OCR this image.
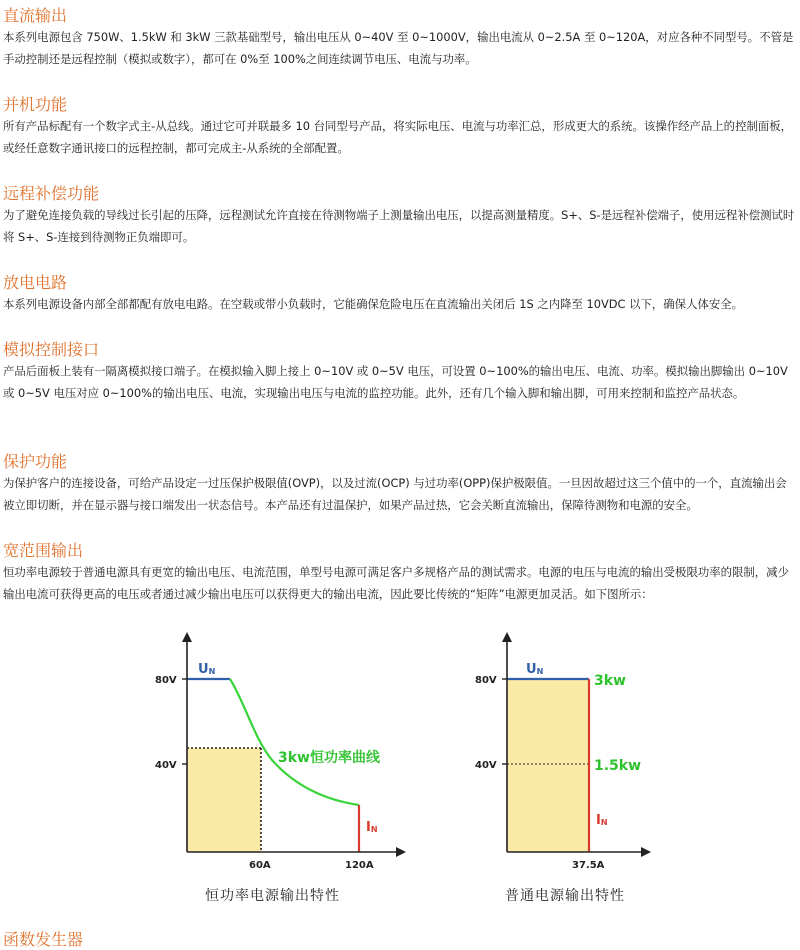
直流输出

本系列电源包含 750W、1.5kW 和 3kW 三款基础型号，输出电压从 0~40V 至 0~1000V，输出电流从 0~2.5A 至 0~120A，对应各种不同型号。不管是手动控制还是远程控制（模拟或数字），都可在 0%至 100%之间连续调节电压、电流与功率。

并机功能

所有产品标配有一个数字式主-从总线。通过它可并联最多 10 台同型号产品，将实际电压、电流与功率汇总，形成更大的系统。该操作经产品上的控制面板，或经任意数字通讯接口的远程控制，都可完成主-从系统的全部配置。

远程补偿功能

为了避免连接负载的导线过长引起的压降，远程测试允许直接在待测物端子上测量输出电压，以提高测量精度。S+、S-是远程补偿端子，使用远程补偿测试时将 S+、S-连接到待测物正负端即可。

放电电路

本系列电源设备内部全部都配有放电电路。在空载或带小负载时，它能确保危险电压在直流输出关闭后 1S 之内降至 10VDC 以下，确保人体安全。

模拟控制接口

产品后面板上装有一隔离模拟接口端子。在模拟输入脚上接上 0~10V 或 0~5V 电压，可设置 0~100%的输出电压、电流、功率。模拟输出脚输出 0~10V 或 0~5V 电压对应 0~100%的输出电压、电流，实现输出电压与电流的监控功能。此外，还有几个输入脚和输出脚，可用来控制和监控产品状态。

保护功能

为保护客户的连接设备，可给产品设定一过压保护极限值(OVP)，以及过流(OCP) 与过功率(OPP)保护极限值。一旦因故超过这三个值中的一个，直流输出会被立即切断，并在显示器与接口端发出一状态信号。本产品还有过温保护，如果产品过热，它会关断直流输出，保障待测物和电源的安全。

宽范围输出

恒功率电源较于普通电源具有更宽的输出电压、电流范围，单型号电源可满足客户多规格产品的测试需求。电源的电压与电流的输出受极限功率的限制，减少输出电流可获得更高的电压或者通过减少输出电压可以获得更大的输出电流，因此要比传统的“矩阵”电源更加灵活。如下图所示：

80V
40V
60A	120A
UN
IN
3kw恒功率曲线
恒功率电源输出特性
80V
40V
37.5A
UN
IN
3kw
1.5kw
普通电源输出特性
函数发生器
